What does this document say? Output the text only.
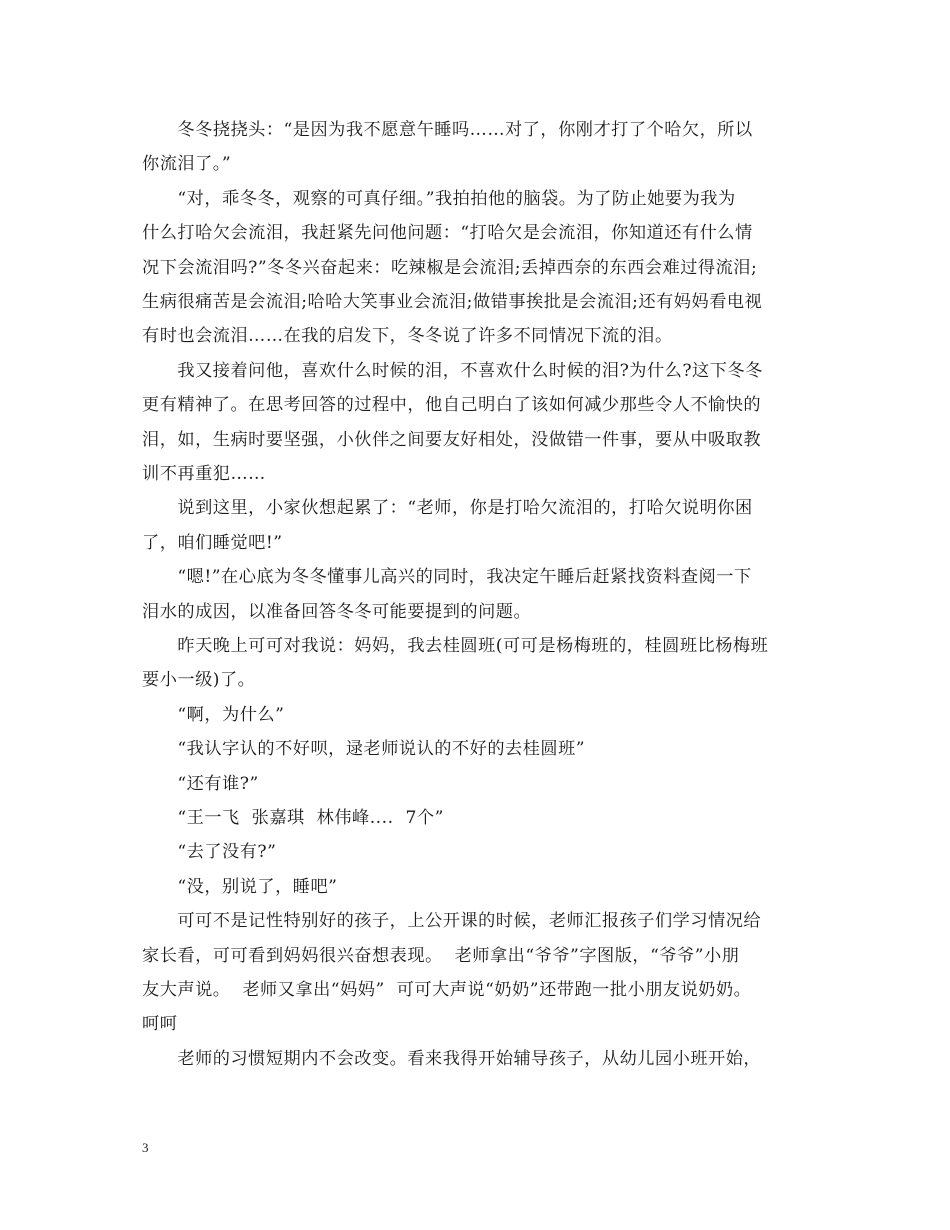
　　冬冬挠挠头：“是因为我不愿意午睡吗……对了，你刚才打了个哈欠，所以
你流泪了。”
　　“对，乖冬冬，观察的可真仔细。”我拍拍他的脑袋。为了防止她要为我为
什么打哈欠会流泪，我赶紧先问他问题：“打哈欠是会流泪，你知道还有什么情
况下会流泪吗?”冬冬兴奋起来：吃辣椒是会流泪;丢掉西奈的东西会难过得流泪;
生病很痛苦是会流泪;哈哈大笑事业会流泪;做错事挨批是会流泪;还有妈妈看电视
有时也会流泪……在我的启发下，冬冬说了许多不同情况下流的泪。
　　我又接着问他，喜欢什么时候的泪，不喜欢什么时候的泪?为什么?这下冬冬
更有精神了。在思考回答的过程中，他自己明白了该如何减少那些令人不愉快的
泪，如，生病时要坚强，小伙伴之间要友好相处，没做错一件事，要从中吸取教
训不再重犯……
　　说到这里，小家伙想起累了：“老师，你是打哈欠流泪的，打哈欠说明你困
了，咱们睡觉吧!”
　　“嗯!”在心底为冬冬懂事儿高兴的同时，我决定午睡后赶紧找资料查阅一下
泪水的成因，以准备回答冬冬可能要提到的问题。
　　昨天晚上可可对我说：妈妈，我去桂圆班(可可是杨梅班的，桂圆班比杨梅班
要小一级)了。
　　“啊，为什么”
　　“我认字认的不好呗，逯老师说认的不好的去桂圆班”
　　“还有谁?”
　　“王一飞  张嘉琪  林伟峰....  7个”
　　“去了没有?”
　　“没，别说了，睡吧”
　　可可不是记性特别好的孩子，上公开课的时候，老师汇报孩子们学习情况给
家长看，可可看到妈妈很兴奋想表现。  老师拿出“爷爷”字图版，“爷爷”小朋
友大声说。  老师又拿出“妈妈”  可可大声说“奶奶”还带跑一批小朋友说奶奶。
呵呵
　　老师的习惯短期内不会改变。看来我得开始辅导孩子，从幼儿园小班开始，
3
